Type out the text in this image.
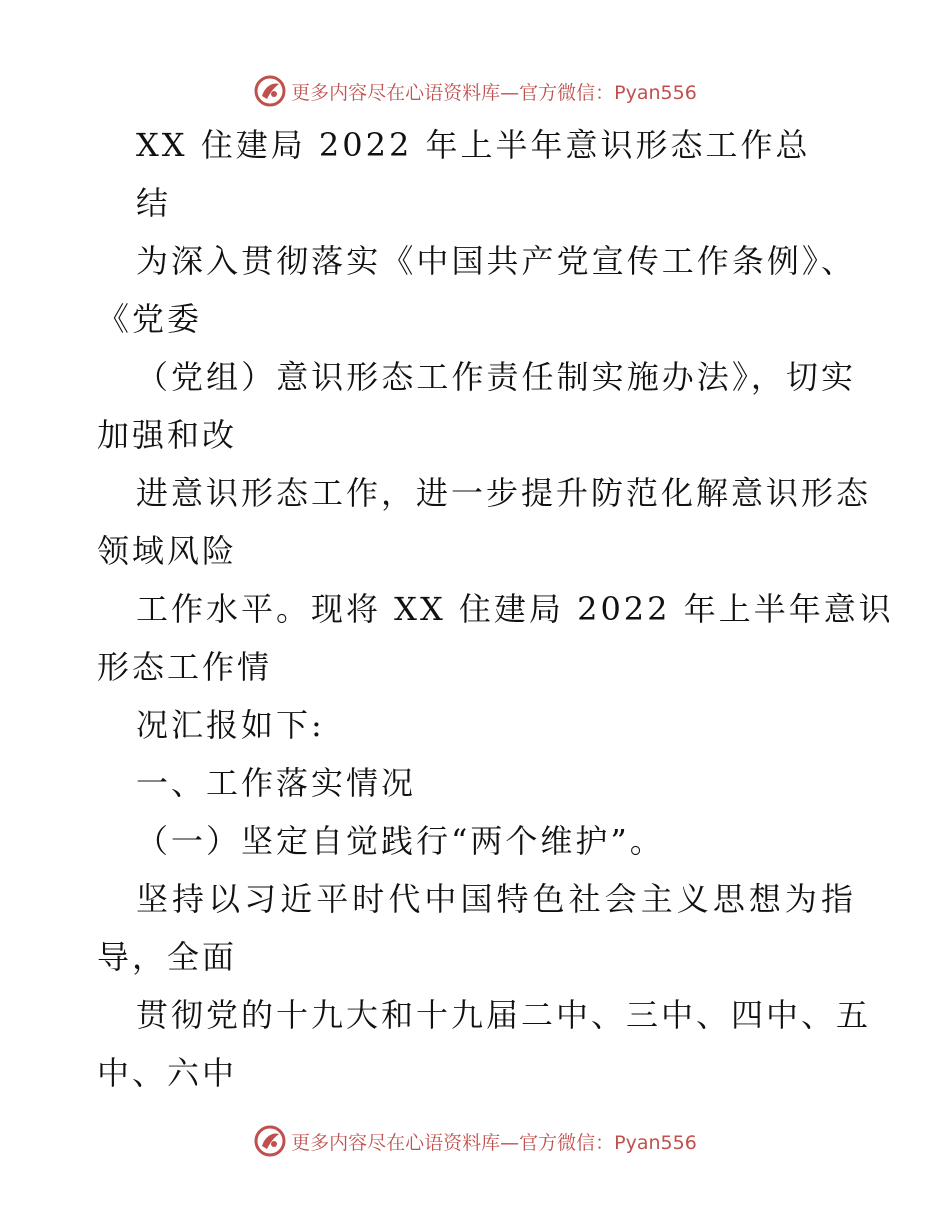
更多内容尽在心语资料库—官方微信：Pyan556
XX 住建局 2022 年上半年意识形态工作总
结
为深入贯彻落实《中国共产党宣传工作条例》、
《党委
（党组）意识形态工作责任制实施办法》，切实
加强和改
进意识形态工作，进一步提升防范化解意识形态
领域风险
工作水平。现将 XX 住建局 2022 年上半年意识
形态工作情
况汇报如下:
一、工作落实情况
（一）坚定自觉践行“两个维护”。
坚持以习近平时代中国特色社会主义思想为指
导，全面
贯彻党的十九大和十九届二中、三中、四中、五
中、六中
更多内容尽在心语资料库—官方微信：Pyan556
